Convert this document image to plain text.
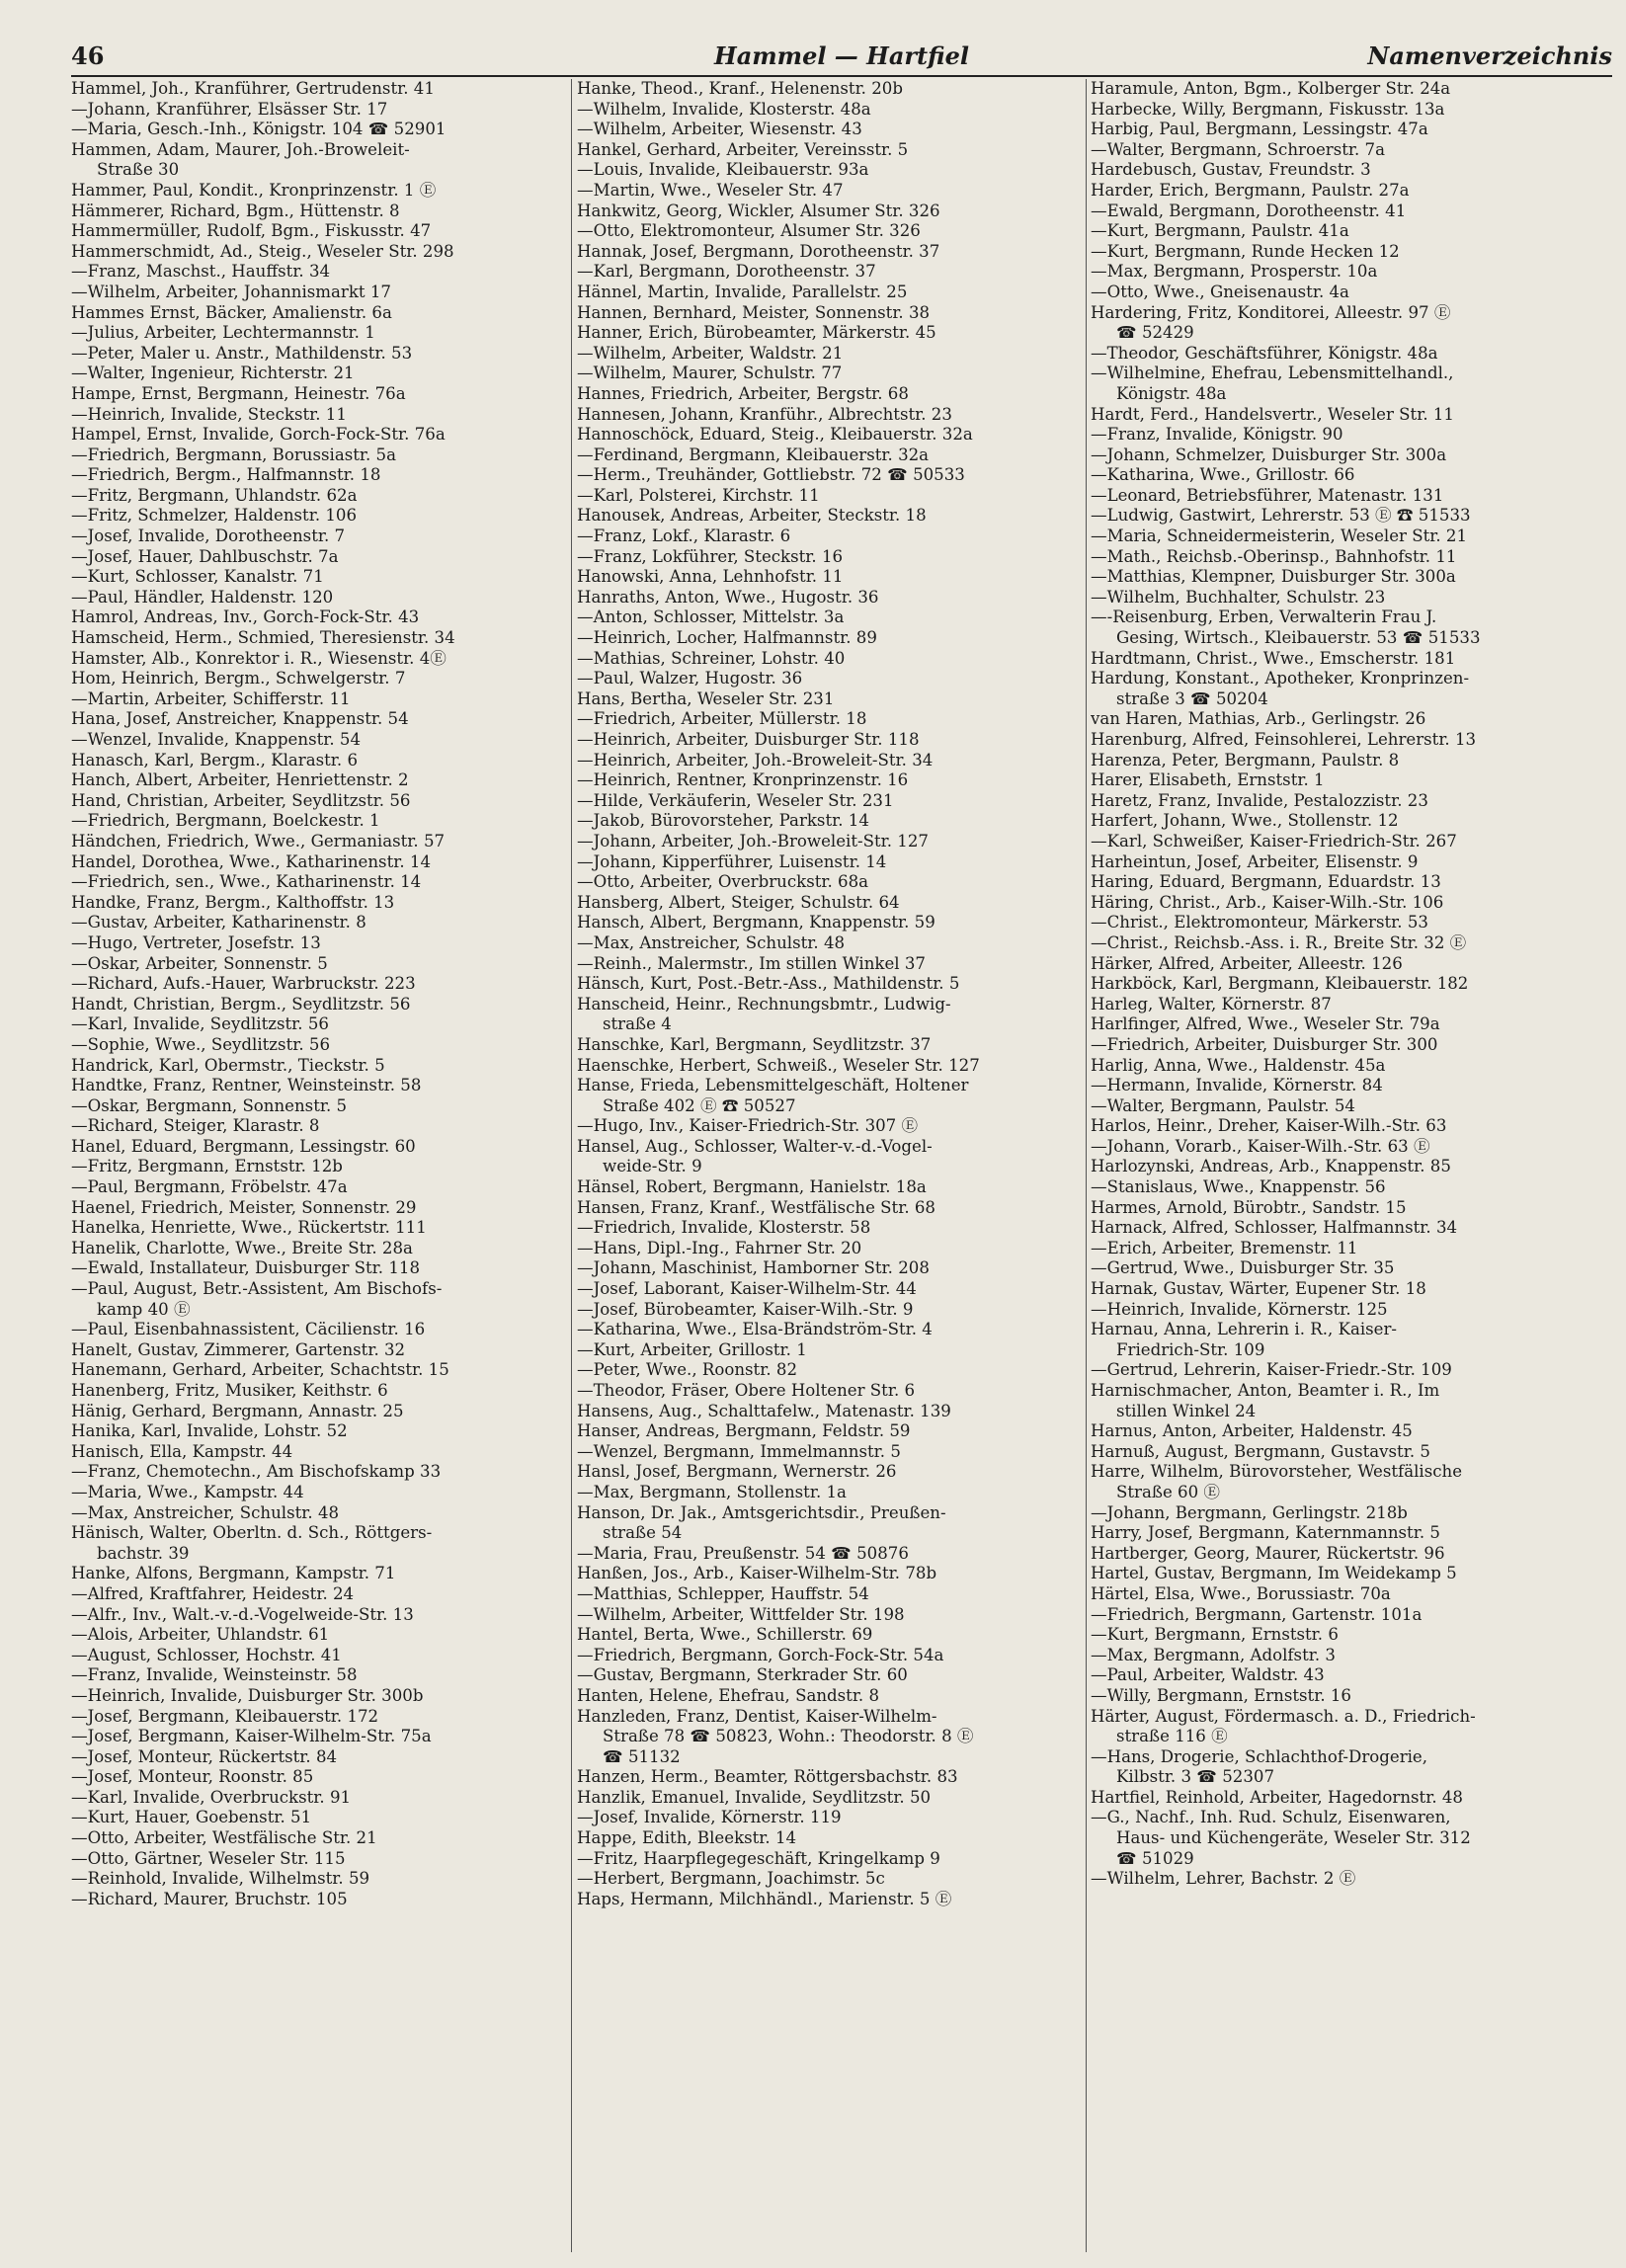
46	Hammel — Hartfiel	Namenverzeichnis
Hammel, Joh., Kranführer, Gertrudenstr. 41
—Johann, Kranführer, Elsässer Str. 17
—Maria, Gesch.-Inh., Königstr. 104 ☎ 52901
Hammen, Adam, Maurer, Joh.-Broweleit-
Straße 30
Hammer, Paul, Kondit., Kronprinzenstr. 1 Ⓔ
Hämmerer, Richard, Bgm., Hüttenstr. 8
Hammermüller, Rudolf, Bgm., Fiskusstr. 47
Hammerschmidt, Ad., Steig., Weseler Str. 298
—Franz, Maschst., Hauffstr. 34
—Wilhelm, Arbeiter, Johannismarkt 17
Hammes Ernst, Bäcker, Amalienstr. 6a
—Julius, Arbeiter, Lechtermannstr. 1
—Peter, Maler u. Anstr., Mathildenstr. 53
—Walter, Ingenieur, Richterstr. 21
Hampe, Ernst, Bergmann, Heinestr. 76a
—Heinrich, Invalide, Steckstr. 11
Hampel, Ernst, Invalide, Gorch-Fock-Str. 76a
—Friedrich, Bergmann, Borussiastr. 5a
—Friedrich, Bergm., Halfmannstr. 18
—Fritz, Bergmann, Uhlandstr. 62a
—Fritz, Schmelzer, Haldenstr. 106
—Josef, Invalide, Dorotheenstr. 7
—Josef, Hauer, Dahlbuschstr. 7a
—Kurt, Schlosser, Kanalstr. 71
—Paul, Händler, Haldenstr. 120
Hamrol, Andreas, Inv., Gorch-Fock-Str. 43
Hamscheid, Herm., Schmied, Theresienstr. 34
Hamster, Alb., Konrektor i. R., Wiesenstr. 4Ⓔ
Hom, Heinrich, Bergm., Schwelgerstr. 7
—Martin, Arbeiter, Schifferstr. 11
Hana, Josef, Anstreicher, Knappenstr. 54
—Wenzel, Invalide, Knappenstr. 54
Hanasch, Karl, Bergm., Klarastr. 6
Hanch, Albert, Arbeiter, Henriettenstr. 2
Hand, Christian, Arbeiter, Seydlitzstr. 56
—Friedrich, Bergmann, Boelckestr. 1
Händchen, Friedrich, Wwe., Germaniastr. 57
Handel, Dorothea, Wwe., Katharinenstr. 14
—Friedrich, sen., Wwe., Katharinenstr. 14
Handke, Franz, Bergm., Kalthoffstr. 13
—Gustav, Arbeiter, Katharinenstr. 8
—Hugo, Vertreter, Josefstr. 13
—Oskar, Arbeiter, Sonnenstr. 5
—Richard, Aufs.-Hauer, Warbruckstr. 223
Handt, Christian, Bergm., Seydlitzstr. 56
—Karl, Invalide, Seydlitzstr. 56
—Sophie, Wwe., Seydlitzstr. 56
Handrick, Karl, Obermstr., Tieckstr. 5
Handtke, Franz, Rentner, Weinsteinstr. 58
—Oskar, Bergmann, Sonnenstr. 5
—Richard, Steiger, Klarastr. 8
Hanel, Eduard, Bergmann, Lessingstr. 60
—Fritz, Bergmann, Ernststr. 12b
—Paul, Bergmann, Fröbelstr. 47a
Haenel, Friedrich, Meister, Sonnenstr. 29
Hanelka, Henriette, Wwe., Rückertstr. 111
Hanelik, Charlotte, Wwe., Breite Str. 28a
—Ewald, Installateur, Duisburger Str. 118
—Paul, August, Betr.-Assistent, Am Bischofs-
kamp 40 Ⓔ
—Paul, Eisenbahnassistent, Cäcilienstr. 16
Hanelt, Gustav, Zimmerer, Gartenstr. 32
Hanemann, Gerhard, Arbeiter, Schachtstr. 15
Hanenberg, Fritz, Musiker, Keithstr. 6
Hänig, Gerhard, Bergmann, Annastr. 25
Hanika, Karl, Invalide, Lohstr. 52
Hanisch, Ella, Kampstr. 44
—Franz, Chemotechn., Am Bischofskamp 33
—Maria, Wwe., Kampstr. 44
—Max, Anstreicher, Schulstr. 48
Hänisch, Walter, Oberltn. d. Sch., Röttgers-
bachstr. 39
Hanke, Alfons, Bergmann, Kampstr. 71
—Alfred, Kraftfahrer, Heidestr. 24
—Alfr., Inv., Walt.-v.-d.-Vogelweide-Str. 13
—Alois, Arbeiter, Uhlandstr. 61
—August, Schlosser, Hochstr. 41
—Franz, Invalide, Weinsteinstr. 58
—Heinrich, Invalide, Duisburger Str. 300b
—Josef, Bergmann, Kleibauerstr. 172
—Josef, Bergmann, Kaiser-Wilhelm-Str. 75a
—Josef, Monteur, Rückertstr. 84
—Josef, Monteur, Roonstr. 85
—Karl, Invalide, Overbruckstr. 91
—Kurt, Hauer, Goebenstr. 51
—Otto, Arbeiter, Westfälische Str. 21
—Otto, Gärtner, Weseler Str. 115
—Reinhold, Invalide, Wilhelmstr. 59
—Richard, Maurer, Bruchstr. 105
Hanke, Theod., Kranf., Helenenstr. 20b
—Wilhelm, Invalide, Klosterstr. 48a
—Wilhelm, Arbeiter, Wiesenstr. 43
Hankel, Gerhard, Arbeiter, Vereinsstr. 5
—Louis, Invalide, Kleibauerstr. 93a
—Martin, Wwe., Weseler Str. 47
Hankwitz, Georg, Wickler, Alsumer Str. 326
—Otto, Elektromonteur, Alsumer Str. 326
Hannak, Josef, Bergmann, Dorotheenstr. 37
—Karl, Bergmann, Dorotheenstr. 37
Hännel, Martin, Invalide, Parallelstr. 25
Hannen, Bernhard, Meister, Sonnenstr. 38
Hanner, Erich, Bürobeamter, Märkerstr. 45
—Wilhelm, Arbeiter, Waldstr. 21
—Wilhelm, Maurer, Schulstr. 77
Hannes, Friedrich, Arbeiter, Bergstr. 68
Hannesen, Johann, Kranführ., Albrechtstr. 23
Hannoschöck, Eduard, Steig., Kleibauerstr. 32a
—Ferdinand, Bergmann, Kleibauerstr. 32a
—Herm., Treuhänder, Gottliebstr. 72 ☎ 50533
—Karl, Polsterei, Kirchstr. 11
Hanousek, Andreas, Arbeiter, Steckstr. 18
—Franz, Lokf., Klarastr. 6
—Franz, Lokführer, Steckstr. 16
Hanowski, Anna, Lehnhofstr. 11
Hanraths, Anton, Wwe., Hugostr. 36
—Anton, Schlosser, Mittelstr. 3a
—Heinrich, Locher, Halfmannstr. 89
—Mathias, Schreiner, Lohstr. 40
—Paul, Walzer, Hugostr. 36
Hans, Bertha, Weseler Str. 231
—Friedrich, Arbeiter, Müllerstr. 18
—Heinrich, Arbeiter, Duisburger Str. 118
—Heinrich, Arbeiter, Joh.-Broweleit-Str. 34
—Heinrich, Rentner, Kronprinzenstr. 16
—Hilde, Verkäuferin, Weseler Str. 231
—Jakob, Bürovorsteher, Parkstr. 14
—Johann, Arbeiter, Joh.-Broweleit-Str. 127
—Johann, Kipperführer, Luisenstr. 14
—Otto, Arbeiter, Overbruckstr. 68a
Hansberg, Albert, Steiger, Schulstr. 64
Hansch, Albert, Bergmann, Knappenstr. 59
—Max, Anstreicher, Schulstr. 48
—Reinh., Malermstr., Im stillen Winkel 37
Hänsch, Kurt, Post.-Betr.-Ass., Mathildenstr. 5
Hanscheid, Heinr., Rechnungsbmtr., Ludwig-
straße 4
Hanschke, Karl, Bergmann, Seydlitzstr. 37
Haenschke, Herbert, Schweiß., Weseler Str. 127
Hanse, Frieda, Lebensmittelgeschäft, Holtener
Straße 402 Ⓔ ☎ 50527
—Hugo, Inv., Kaiser-Friedrich-Str. 307 Ⓔ
Hansel, Aug., Schlosser, Walter-v.-d.-Vogel-
weide-Str. 9
Hänsel, Robert, Bergmann, Hanielstr. 18a
Hansen, Franz, Kranf., Westfälische Str. 68
—Friedrich, Invalide, Klosterstr. 58
—Hans, Dipl.-Ing., Fahrner Str. 20
—Johann, Maschinist, Hamborner Str. 208
—Josef, Laborant, Kaiser-Wilhelm-Str. 44
—Josef, Bürobeamter, Kaiser-Wilh.-Str. 9
—Katharina, Wwe., Elsa-Brändström-Str. 4
—Kurt, Arbeiter, Grillostr. 1
—Peter, Wwe., Roonstr. 82
—Theodor, Fräser, Obere Holtener Str. 6
Hansens, Aug., Schalttafelw., Matenastr. 139
Hanser, Andreas, Bergmann, Feldstr. 59
—Wenzel, Bergmann, Immelmannstr. 5
Hansl, Josef, Bergmann, Wernerstr. 26
—Max, Bergmann, Stollenstr. 1a
Hanson, Dr. Jak., Amtsgerichtsdir., Preußen-
straße 54
—Maria, Frau, Preußenstr. 54 ☎ 50876
Hanßen, Jos., Arb., Kaiser-Wilhelm-Str. 78b
—Matthias, Schlepper, Hauffstr. 54
—Wilhelm, Arbeiter, Wittfelder Str. 198
Hantel, Berta, Wwe., Schillerstr. 69
—Friedrich, Bergmann, Gorch-Fock-Str. 54a
—Gustav, Bergmann, Sterkrader Str. 60
Hanten, Helene, Ehefrau, Sandstr. 8
Hanzleden, Franz, Dentist, Kaiser-Wilhelm-
Straße 78 ☎ 50823, Wohn.: Theodorstr. 8 Ⓔ
☎ 51132
Hanzen, Herm., Beamter, Röttgersbachstr. 83
Hanzlik, Emanuel, Invalide, Seydlitzstr. 50
—Josef, Invalide, Körnerstr. 119
Happe, Edith, Bleekstr. 14
—Fritz, Haarpflegegeschäft, Kringelkamp 9
—Herbert, Bergmann, Joachimstr. 5c
Haps, Hermann, Milchhändl., Marienstr. 5 Ⓔ
Haramule, Anton, Bgm., Kolberger Str. 24a
Harbecke, Willy, Bergmann, Fiskusstr. 13a
Harbig, Paul, Bergmann, Lessingstr. 47a
—Walter, Bergmann, Schroerstr. 7a
Hardebusch, Gustav, Freundstr. 3
Harder, Erich, Bergmann, Paulstr. 27a
—Ewald, Bergmann, Dorotheenstr. 41
—Kurt, Bergmann, Paulstr. 41a
—Kurt, Bergmann, Runde Hecken 12
—Max, Bergmann, Prosperstr. 10a
—Otto, Wwe., Gneisenaustr. 4a
Hardering, Fritz, Konditorei, Alleestr. 97 Ⓔ
☎ 52429
—Theodor, Geschäftsführer, Königstr. 48a
—Wilhelmine, Ehefrau, Lebensmittelhandl.,
Königstr. 48a
Hardt, Ferd., Handelsvertr., Weseler Str. 11
—Franz, Invalide, Königstr. 90
—Johann, Schmelzer, Duisburger Str. 300a
—Katharina, Wwe., Grillostr. 66
—Leonard, Betriebsführer, Matenastr. 131
—Ludwig, Gastwirt, Lehrerstr. 53 Ⓔ ☎ 51533
—Maria, Schneidermeisterin, Weseler Str. 21
—Math., Reichsb.-Oberinsp., Bahnhofstr. 11
—Matthias, Klempner, Duisburger Str. 300a
—Wilhelm, Buchhalter, Schulstr. 23
—-Reisenburg, Erben, Verwalterin Frau J.
Gesing, Wirtsch., Kleibauerstr. 53 ☎ 51533
Hardtmann, Christ., Wwe., Emscherstr. 181
Hardung, Konstant., Apotheker, Kronprinzen-
straße 3 ☎ 50204
van Haren, Mathias, Arb., Gerlingstr. 26
Harenburg, Alfred, Feinsohlerei, Lehrerstr. 13
Harenza, Peter, Bergmann, Paulstr. 8
Harer, Elisabeth, Ernststr. 1
Haretz, Franz, Invalide, Pestalozzistr. 23
Harfert, Johann, Wwe., Stollenstr. 12
—Karl, Schweißer, Kaiser-Friedrich-Str. 267
Harheintun, Josef, Arbeiter, Elisenstr. 9
Haring, Eduard, Bergmann, Eduardstr. 13
Häring, Christ., Arb., Kaiser-Wilh.-Str. 106
—Christ., Elektromonteur, Märkerstr. 53
—Christ., Reichsb.-Ass. i. R., Breite Str. 32 Ⓔ
Härker, Alfred, Arbeiter, Alleestr. 126
Harkböck, Karl, Bergmann, Kleibauerstr. 182
Harleg, Walter, Körnerstr. 87
Harlfinger, Alfred, Wwe., Weseler Str. 79a
—Friedrich, Arbeiter, Duisburger Str. 300
Harlig, Anna, Wwe., Haldenstr. 45a
—Hermann, Invalide, Körnerstr. 84
—Walter, Bergmann, Paulstr. 54
Harlos, Heinr., Dreher, Kaiser-Wilh.-Str. 63
—Johann, Vorarb., Kaiser-Wilh.-Str. 63 Ⓔ
Harlozynski, Andreas, Arb., Knappenstr. 85
—Stanislaus, Wwe., Knappenstr. 56
Harmes, Arnold, Bürobtr., Sandstr. 15
Harnack, Alfred, Schlosser, Halfmannstr. 34
—Erich, Arbeiter, Bremenstr. 11
—Gertrud, Wwe., Duisburger Str. 35
Harnak, Gustav, Wärter, Eupener Str. 18
—Heinrich, Invalide, Körnerstr. 125
Harnau, Anna, Lehrerin i. R., Kaiser-
Friedrich-Str. 109
—Gertrud, Lehrerin, Kaiser-Friedr.-Str. 109
Harnischmacher, Anton, Beamter i. R., Im
stillen Winkel 24
Harnus, Anton, Arbeiter, Haldenstr. 45
Harnuß, August, Bergmann, Gustavstr. 5
Harre, Wilhelm, Bürovorsteher, Westfälische
Straße 60 Ⓔ
—Johann, Bergmann, Gerlingstr. 218b
Harry, Josef, Bergmann, Katernmannstr. 5
Hartberger, Georg, Maurer, Rückertstr. 96
Hartel, Gustav, Bergmann, Im Weidekamp 5
Härtel, Elsa, Wwe., Borussiastr. 70a
—Friedrich, Bergmann, Gartenstr. 101a
—Kurt, Bergmann, Ernststr. 6
—Max, Bergmann, Adolfstr. 3
—Paul, Arbeiter, Waldstr. 43
—Willy, Bergmann, Ernststr. 16
Härter, August, Fördermasch. a. D., Friedrich-
straße 116 Ⓔ
—Hans, Drogerie, Schlachthof-Drogerie,
Kilbstr. 3 ☎ 52307
Hartfiel, Reinhold, Arbeiter, Hagedornstr. 48
—G., Nachf., Inh. Rud. Schulz, Eisenwaren,
Haus- und Küchengeräte, Weseler Str. 312
☎ 51029
—Wilhelm, Lehrer, Bachstr. 2 Ⓔ
